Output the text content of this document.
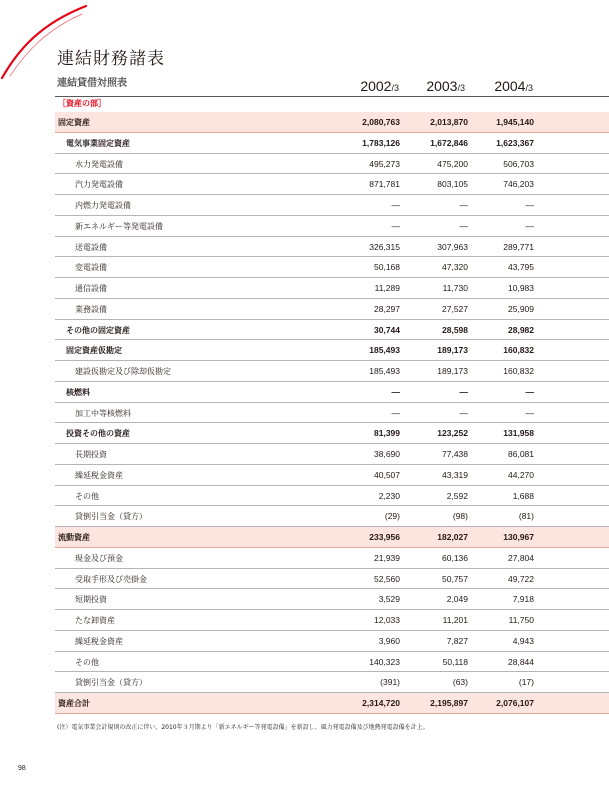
連結財務諸表
連結貸借対照表	2002/3	2003/3	2004/3
［資産の部］
固定資産	2,080,763	2,013,870	1,945,140
電気事業固定資産	1,783,126	1,672,846	1,623,367
水力発電設備	495,273	475,200	506,703
汽力発電設備	871,781	803,105	746,203
内燃力発電設備	—	—	—
新エネルギー等発電設備	—	—	—
送電設備	326,315	307,963	289,771
変電設備	50,168	47,320	43,795
通信設備	11,289	11,730	10,983
業務設備	28,297	27,527	25,909
その他の固定資産	30,744	28,598	28,982
固定資産仮勘定	185,493	189,173	160,832
建設仮勘定及び除却仮勘定	185,493	189,173	160,832
核燃料	—	—	—
加工中等核燃料	—	—	—
投資その他の資産	81,399	123,252	131,958
長期投資	38,690	77,438	86,081
繰延税金資産	40,507	43,319	44,270
その他	2,230	2,592	1,688
貸倒引当金（貸方）	(29)	(98)	(81)
流動資産	233,956	182,027	130,967
現金及び預金	21,939	60,136	27,804
受取手形及び売掛金	52,560	50,757	49,722
短期投資	3,529	2,049	7,918
たな卸資産	12,033	11,201	11,750
繰延税金資産	3,960	7,827	4,943
その他	140,323	50,118	28,844
貸倒引当金（貸方）	(391)	(63)	(17)
資産合計	2,314,720	2,195,897	2,076,107
(注）電気事業会計規則の改正に伴い、2010年３月期より「新エネルギー等発電設備」を新設し、風力発電設備及び地熱発電設備を計上。
98
